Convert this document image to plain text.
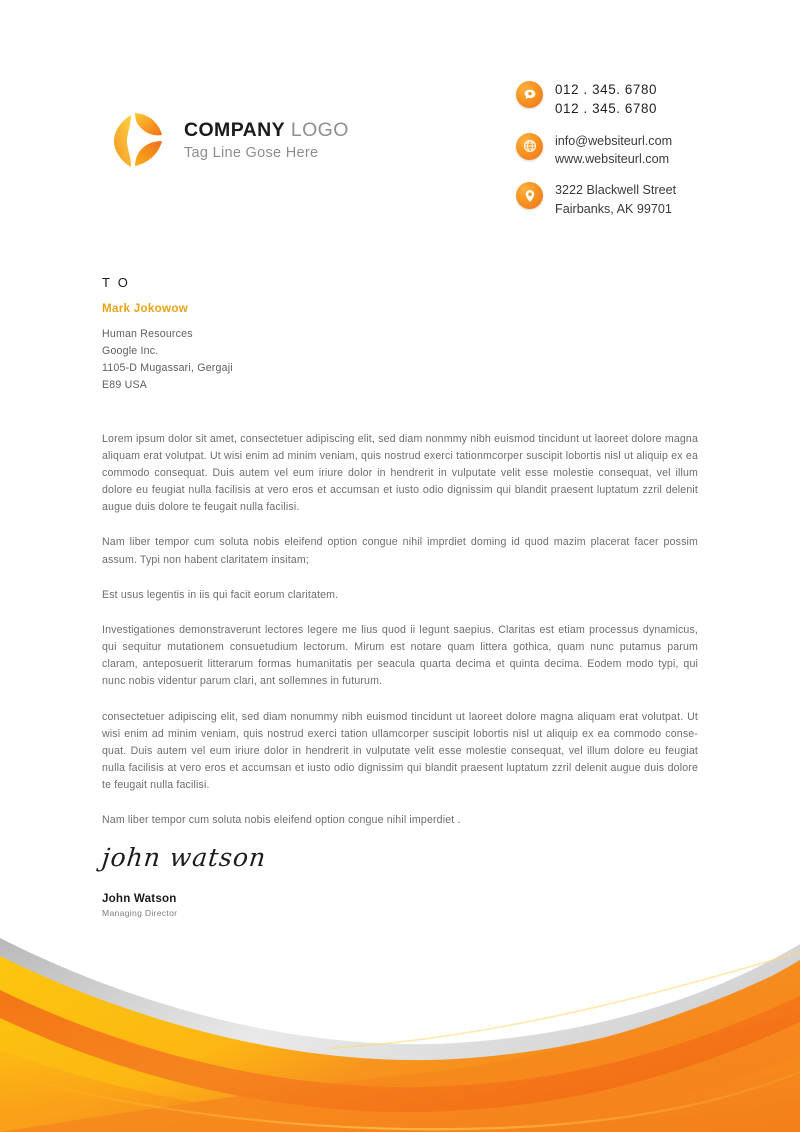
COMPANY LOGO
Tag Line Gose Here
012 . 345. 6780
012 . 345. 6780
info@websiteurl.com
www.websiteurl.com
3222 Blackwell Street
Fairbanks, AK 99701
T O
Mark Jokowow
Human Resources
Google Inc.
1105-D Mugassari, Gergaji
E89 USA

Lorem ipsum dolor sit amet, consectetuer adipiscing elit, sed diam nonmmy nibh euismod tincidunt ut laoreet dolore magna aliquam erat volutpat. Ut wisi enim ad minim veniam, quis nostrud exerci tationmcorper suscipit lobortis nisl ut aliquip ex ea commodo consequat. Duis autem vel eum iriure dolor in hendrerit in vulputate velit esse molestie consequat, vel illum dolore eu feugiat nulla facilisis at vero eros et accumsan et iusto odio dignissim qui blandit praesent luptatum zzril delenit augue duis dolore te feugait nulla facilisi.

Nam liber tempor cum soluta nobis eleifend option congue nihil imprdiet doming id quod mazim placerat facer possim assum. Typi non habent claritatem insitam;

Est usus legentis in iis qui facit eorum claritatem.

Investigationes demonstraverunt lectores legere me lius quod ii legunt saepius. Claritas est etiam processus dynamicus, qui sequitur mutationem consuetudium lectorum. Mirum est notare quam littera gothica, quam nunc putamus parum claram, anteposuerit litterarum formas humanitatis per seacula quarta decima et quinta decima. Eodem modo typi, qui nunc nobis videntur parum clari, ant sollemnes in futurum.

consectetuer adipiscing elit, sed diam nonummy nibh euismod tincidunt ut laoreet dolore magna aliquam erat volutpat. Ut wisi enim ad minim veniam, quis nostrud exerci tation ullamcorper suscipit lobortis nisl ut aliquip ex ea commodo conse-quat. Duis autem vel eum iriure dolor in hendrerit in vulputate velit esse molestie consequat, vel illum dolore eu feugiat nulla facilisis at vero eros et accumsan et iusto odio dignissim qui blandit praesent luptatum zzril delenit augue duis dolore te feugait nulla facilisi.

Nam liber tempor cum soluta nobis eleifend option congue nihil imperdiet .

john watson
John Watson
Managing Director
